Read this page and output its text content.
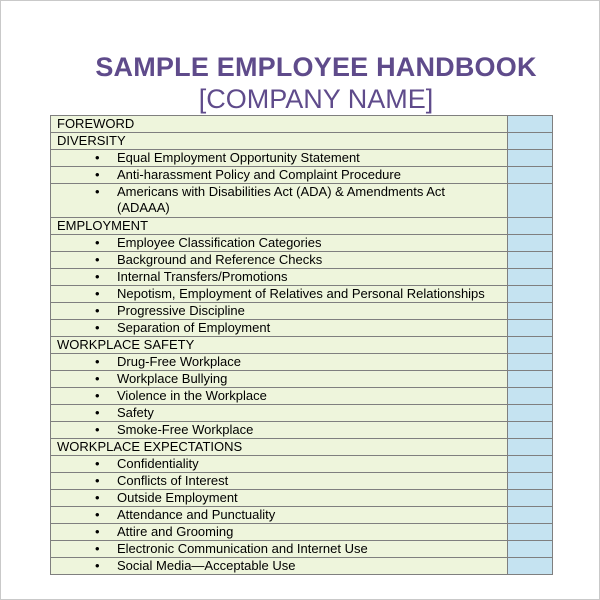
SAMPLE EMPLOYEE HANDBOOK
[COMPANY NAME]
FOREWORD	

DIVERSITY	

• Equal Employment Opportunity Statement	

• Anti-harassment Policy and Complaint Procedure	

• Americans with Disabilities Act (ADA) & Amendments Act (ADAAA)	

EMPLOYMENT	

• Employee Classification Categories	

• Background and Reference Checks	

• Internal Transfers/Promotions	

• Nepotism, Employment of Relatives and Personal Relationships	

• Progressive Discipline	

• Separation of Employment	

WORKPLACE SAFETY	

• Drug-Free Workplace	

• Workplace Bullying	

• Violence in the Workplace	

• Safety	

• Smoke-Free Workplace	

WORKPLACE EXPECTATIONS	

• Confidentiality	

• Conflicts of Interest	

• Outside Employment	

• Attendance and Punctuality	

• Attire and Grooming	

• Electronic Communication and Internet Use	

• Social Media—Acceptable Use	
